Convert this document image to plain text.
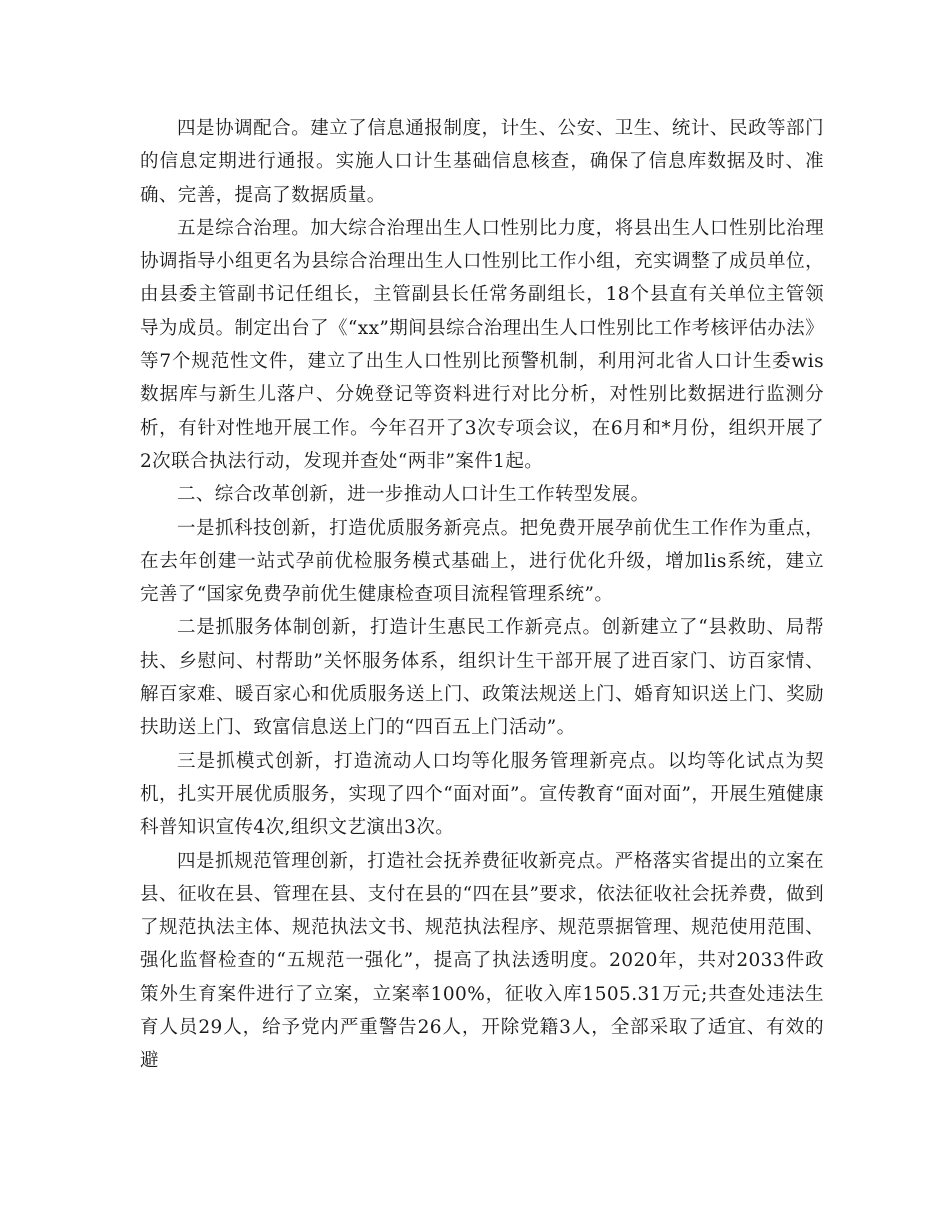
四是协调配合。建立了信息通报制度，计生、公安、卫生、统计、民政等部门的信息定期进行通报。实施人口计生基础信息核查，确保了信息库数据及时、准确、完善，提高了数据质量。

五是综合治理。加大综合治理出生人口性别比力度，将县出生人口性别比治理协调指导小组更名为县综合治理出生人口性别比工作小组，充实调整了成员单位，由县委主管副书记任组长，主管副县长任常务副组长，18个县直有关单位主管领导为成员。制定出台了《“xx”期间县综合治理出生人口性别比工作考核评估办法》等7个规范性文件，建立了出生人口性别比预警机制，利用河北省人口计生委wis数据库与新生儿落户、分娩登记等资料进行对比分析，对性别比数据进行监测分析，有针对性地开展工作。今年召开了3次专项会议，在6月和*月份，组织开展了2次联合执法行动，发现并查处“两非”案件1起。

二、综合改革创新，进一步推动人口计生工作转型发展。

一是抓科技创新，打造优质服务新亮点。把免费开展孕前优生工作作为重点，在去年创建一站式孕前优检服务模式基础上，进行优化升级，增加lis系统，建立完善了“国家免费孕前优生健康检查项目流程管理系统”。

二是抓服务体制创新，打造计生惠民工作新亮点。创新建立了“县救助、局帮扶、乡慰问、村帮助”关怀服务体系，组织计生干部开展了进百家门、访百家情、解百家难、暖百家心和优质服务送上门、政策法规送上门、婚育知识送上门、奖励扶助送上门、致富信息送上门的“四百五上门活动”。

三是抓模式创新，打造流动人口均等化服务管理新亮点。以均等化试点为契机，扎实开展优质服务，实现了四个“面对面”。宣传教育“面对面”，开展生殖健康科普知识宣传4次,组织文艺演出3次。

四是抓规范管理创新，打造社会抚养费征收新亮点。严格落实省提出的立案在县、征收在县、管理在县、支付在县的“四在县”要求，依法征收社会抚养费，做到了规范执法主体、规范执法文书、规范执法程序、规范票据管理、规范使用范围、强化监督检查的“五规范一强化”，提高了执法透明度。2020年，共对2033件政策外生育案件进行了立案，立案率100%，征收入库1505.31万元;共查处违法生育人员29人，给予党内严重警告26人，开除党籍3人，全部采取了适宜、有效的避
